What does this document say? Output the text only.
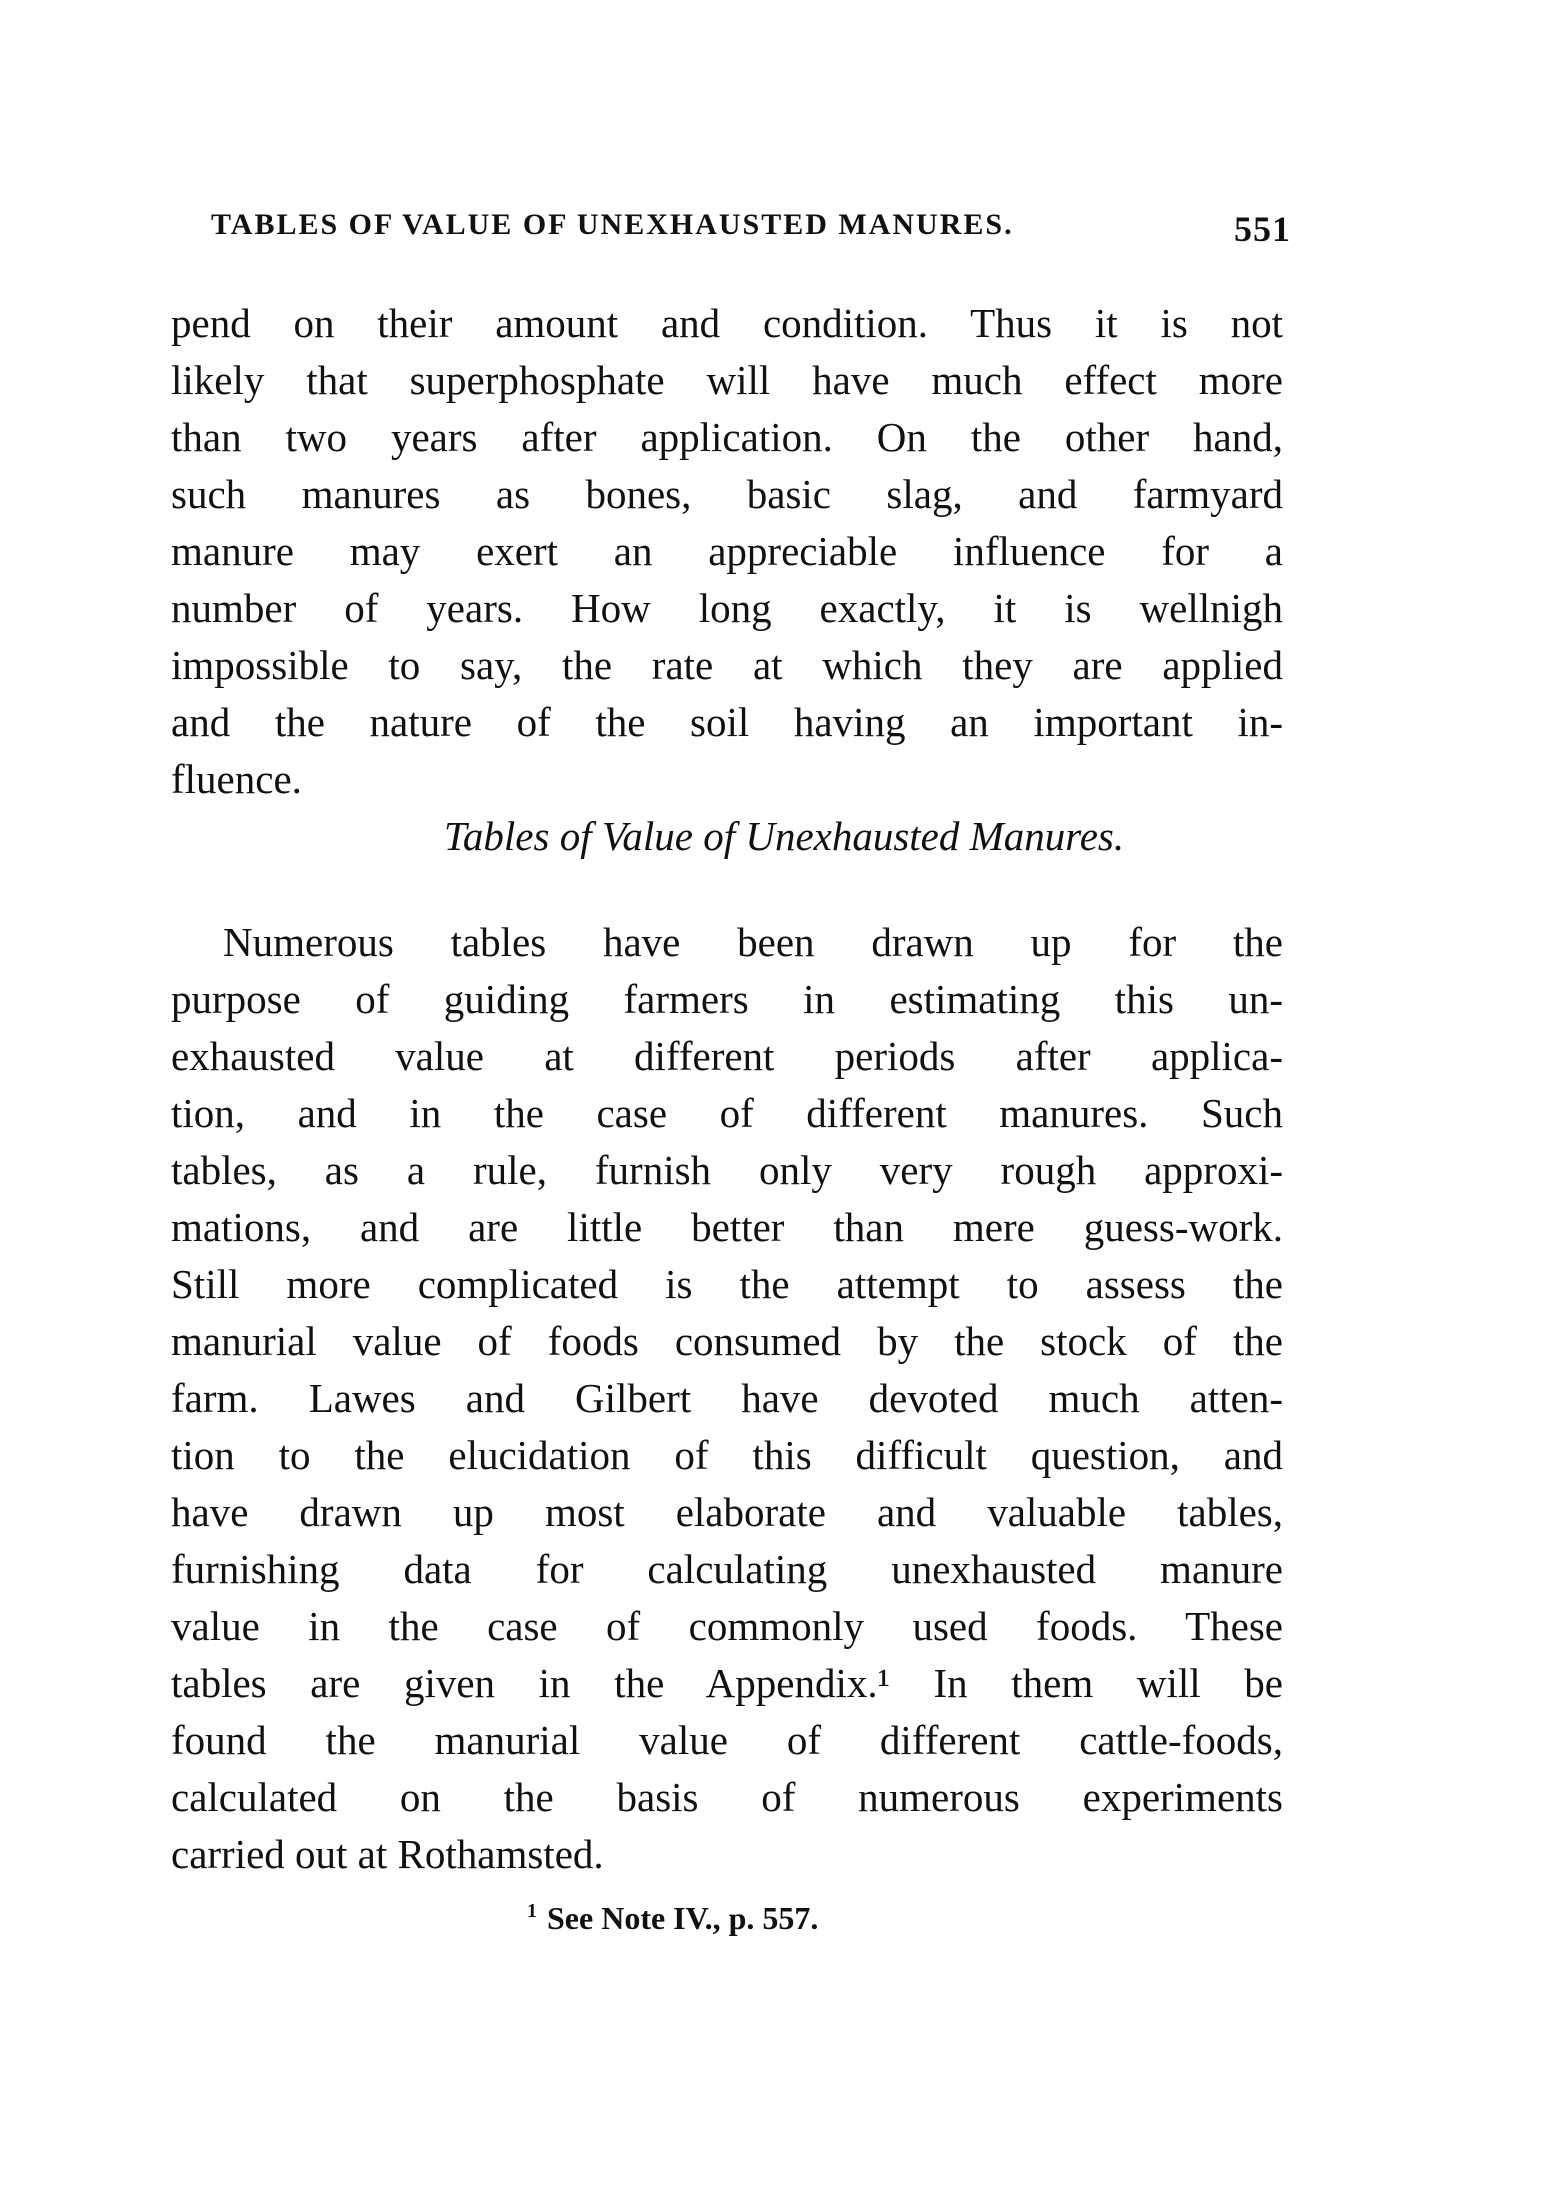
TABLES OF VALUE OF UNEXHAUSTED MANURES.	551
pend on their amount and condition. Thus it is not
likely that superphosphate will have much effect more
than two years after application. On the other hand,
such manures as bones, basic slag, and farmyard
manure may exert an appreciable influence for a
number of years. How long exactly, it is wellnigh
impossible to say, the rate at which they are applied
and the nature of the soil having an important in-
fluence.
Tables of Value of Unexhausted Manures.
Numerous tables have been drawn up for the
purpose of guiding farmers in estimating this un-
exhausted value at different periods after applica-
tion, and in the case of different manures. Such
tables, as a rule, furnish only very rough approxi-
mations, and are little better than mere guess-work.
Still more complicated is the attempt to assess the
manurial value of foods consumed by the stock of the
farm. Lawes and Gilbert have devoted much atten-
tion to the elucidation of this difficult question, and
have drawn up most elaborate and valuable tables,
furnishing data for calculating unexhausted manure
value in the case of commonly used foods. These
tables are given in the Appendix.¹ In them will be
found the manurial value of different cattle-foods,
calculated on the basis of numerous experiments
carried out at Rothamsted.
$^1$ See Note IV., p. 557.
